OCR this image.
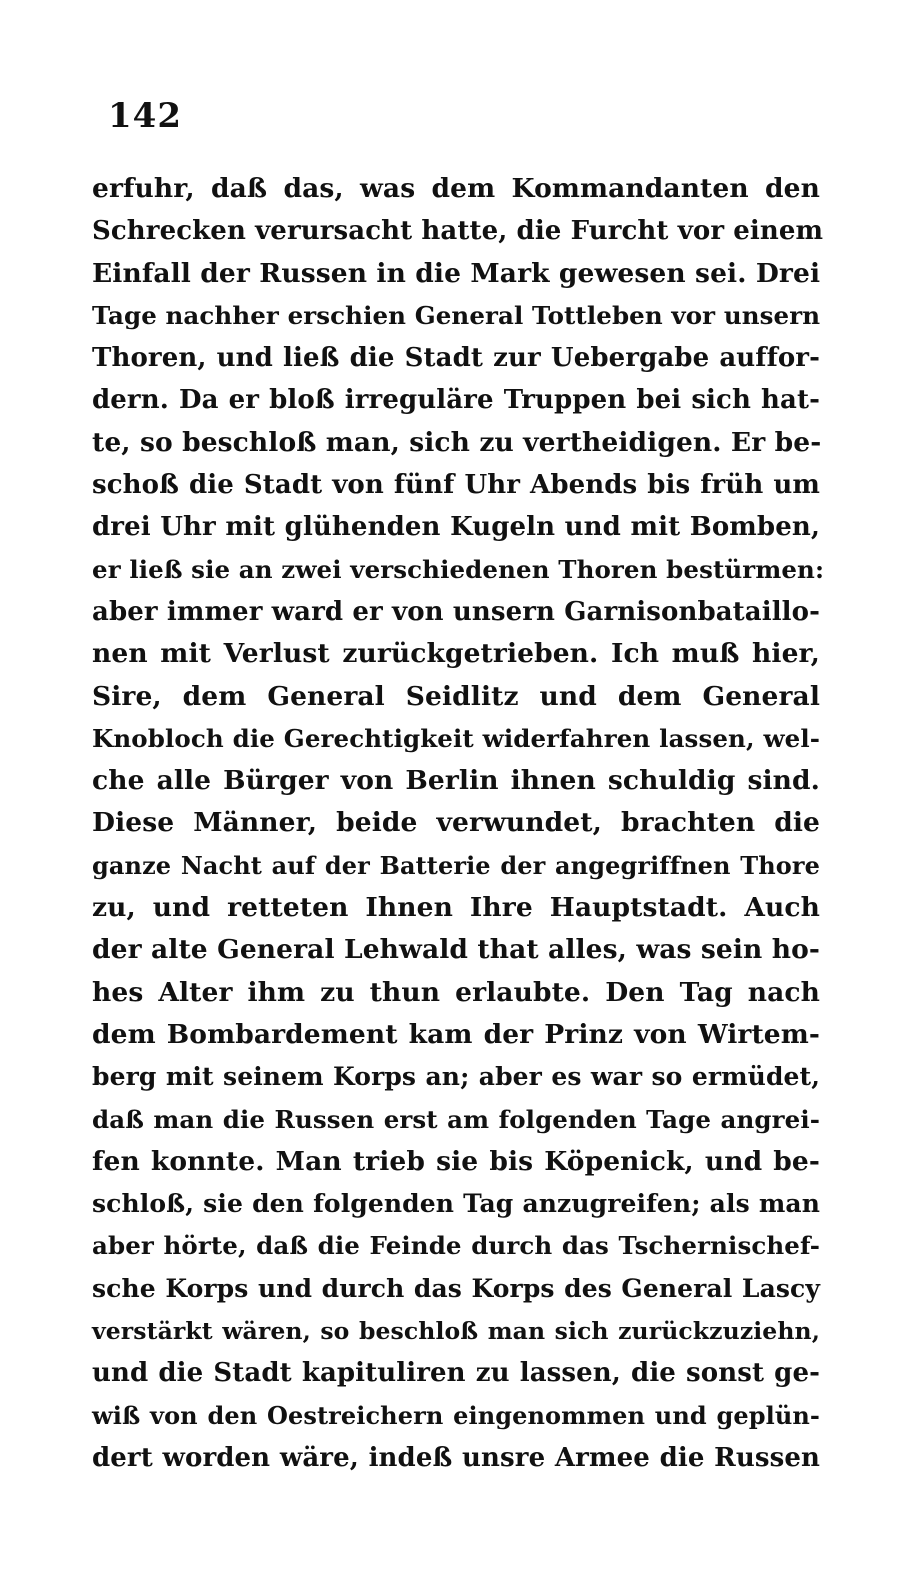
142
erfuhr, daß das, was dem Kommandanten den
Schrecken verursacht hatte, die Furcht vor einem
Einfall der Russen in die Mark gewesen sei. Drei
Tage nachher erschien General Tottleben vor unsern
Thoren, und ließ die Stadt zur Uebergabe auffor-
dern. Da er bloß irreguläre Truppen bei sich hat-
te, so beschloß man, sich zu vertheidigen. Er be-
schoß die Stadt von fünf Uhr Abends bis früh um
drei Uhr mit glühenden Kugeln und mit Bomben,
er ließ sie an zwei verschiedenen Thoren bestürmen:
aber immer ward er von unsern Garnisonbataillo-
nen mit Verlust zurückgetrieben. Ich muß hier,
Sire, dem General Seidlitz und dem General
Knobloch die Gerechtigkeit widerfahren lassen, wel-
che alle Bürger von Berlin ihnen schuldig sind.
Diese Männer, beide verwundet, brachten die
ganze Nacht auf der Batterie der angegriffnen Thore
zu, und retteten Ihnen Ihre Hauptstadt. Auch
der alte General Lehwald that alles, was sein ho-
hes Alter ihm zu thun erlaubte. Den Tag nach
dem Bombardement kam der Prinz von Wirtem-
berg mit seinem Korps an; aber es war so ermüdet,
daß man die Russen erst am folgenden Tage angrei-
fen konnte. Man trieb sie bis Köpenick, und be-
schloß, sie den folgenden Tag anzugreifen; als man
aber hörte, daß die Feinde durch das Tschernischef-
sche Korps und durch das Korps des General Lascy
verstärkt wären, so beschloß man sich zurückzuziehn,
und die Stadt kapituliren zu lassen, die sonst ge-
wiß von den Oestreichern eingenommen und geplün-
dert worden wäre, indeß unsre Armee die Russen
